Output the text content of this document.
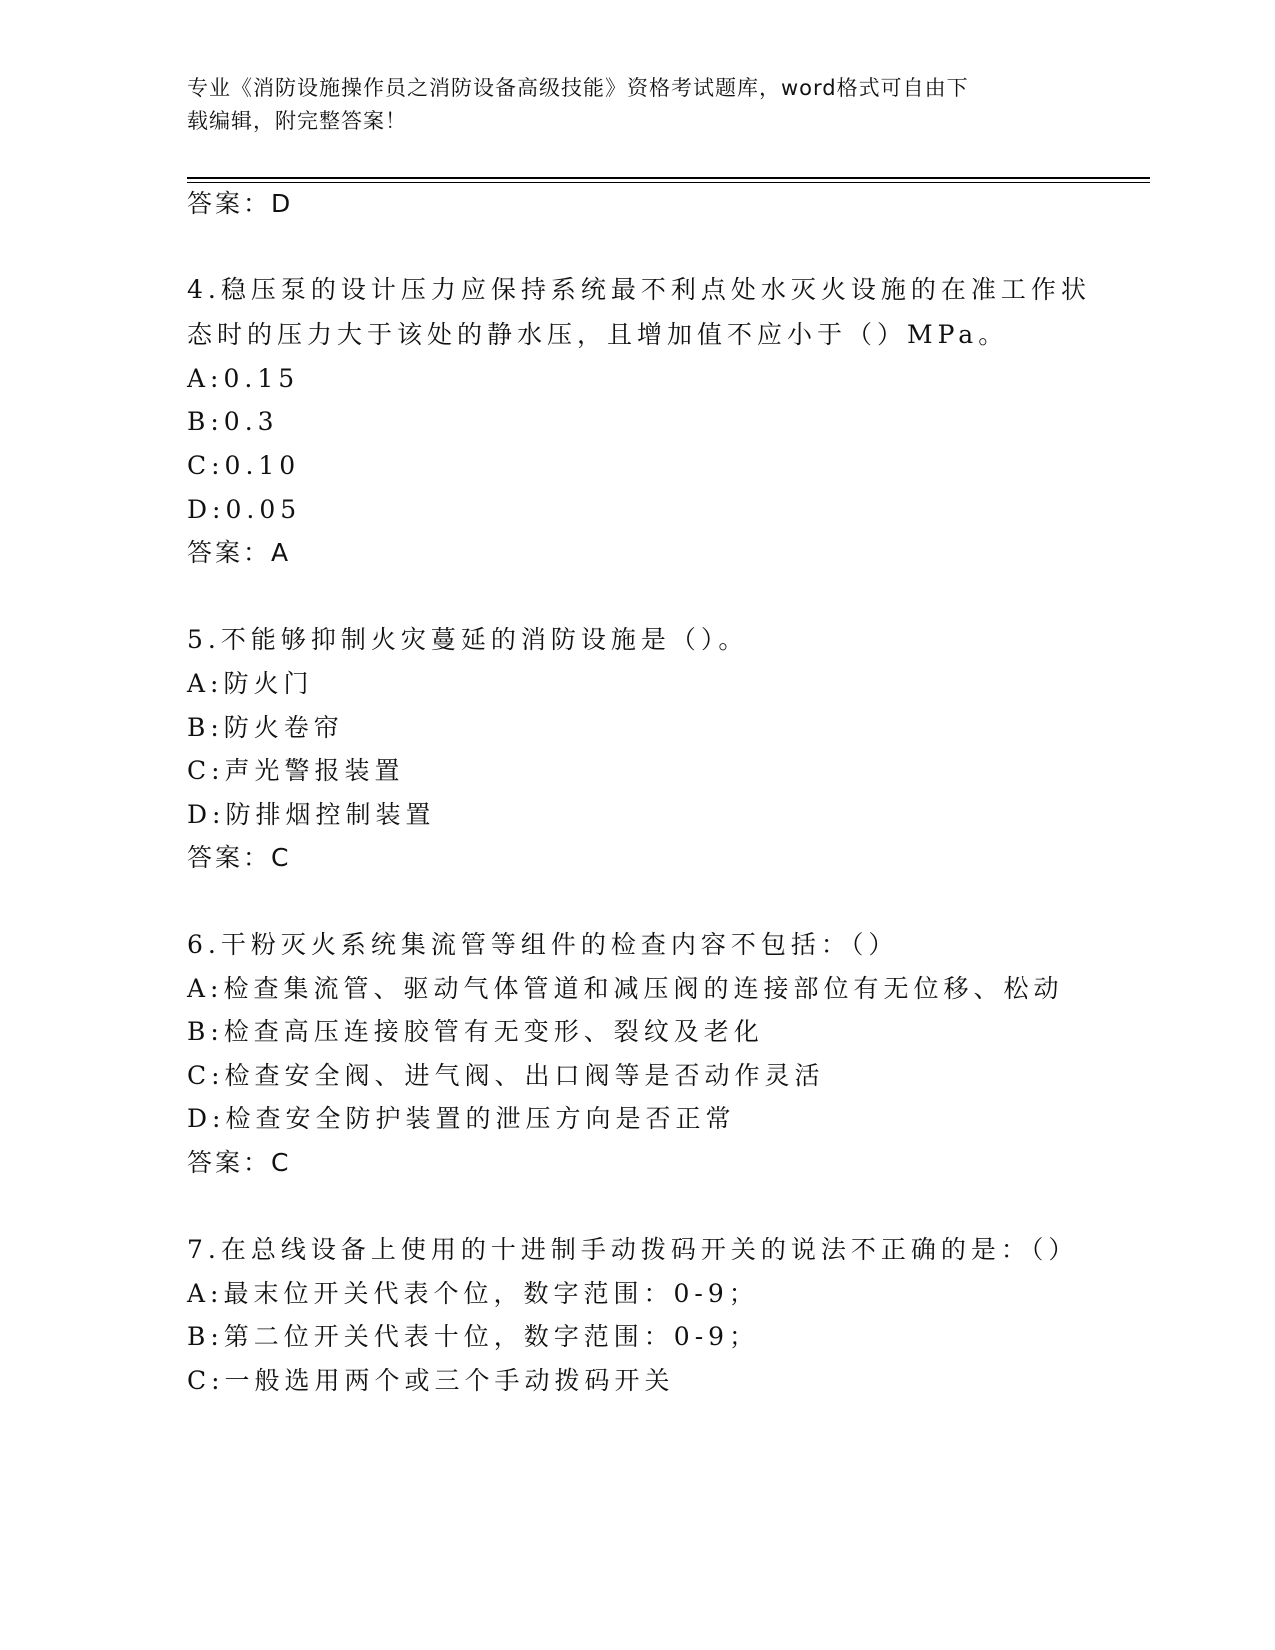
专业《消防设施操作员之消防设备高级技能》资格考试题库，word格式可自由下
载编辑，附完整答案！

答案：D

4.稳压泵的设计压力应保持系统最不利点处水灭火设施的在准工作状

态时的压力大于该处的静水压，且增加值不应小于（）MPa。

A:0.15

B:0.3

C:0.10

D:0.05

答案：A

5.不能够抑制火灾蔓延的消防设施是（）。

A:防火门

B:防火卷帘

C:声光警报装置

D:防排烟控制装置

答案：C

6.干粉灭火系统集流管等组件的检查内容不包括：（）

A:检查集流管、驱动气体管道和减压阀的连接部位有无位移、松动

B:检查高压连接胶管有无变形、裂纹及老化

C:检查安全阀、进气阀、出口阀等是否动作灵活

D:检查安全防护装置的泄压方向是否正常

答案：C

7.在总线设备上使用的十进制手动拨码开关的说法不正确的是：（）

A:最末位开关代表个位，数字范围：0-9；

B:第二位开关代表十位，数字范围：0-9；

C:一般选用两个或三个手动拨码开关
